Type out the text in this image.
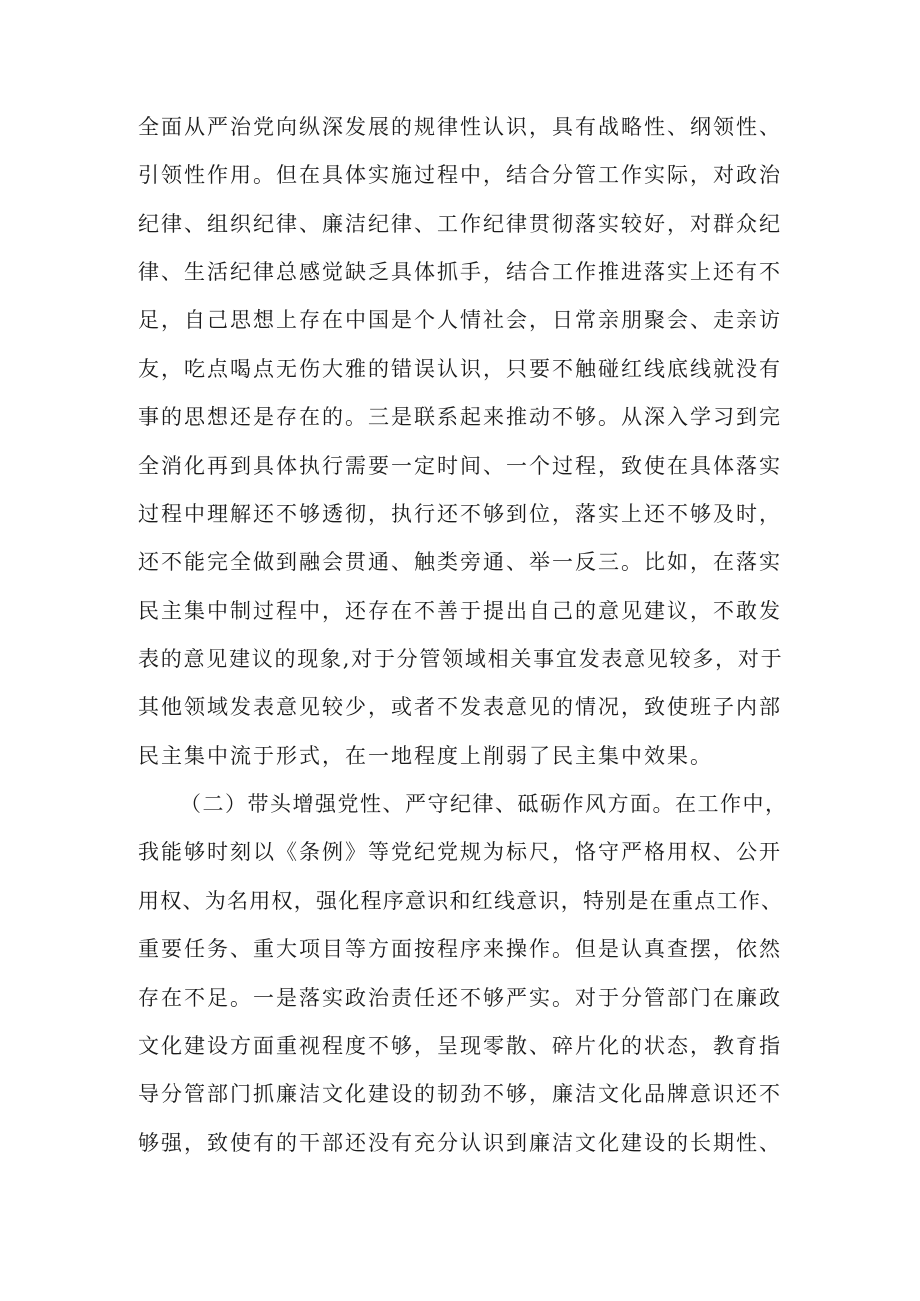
全面从严治党向纵深发展的规律性认识，具有战略性、纲领性、
引领性作用。但在具体实施过程中，结合分管工作实际，对政治
纪律、组织纪律、廉洁纪律、工作纪律贯彻落实较好，对群众纪
律、生活纪律总感觉缺乏具体抓手，结合工作推进落实上还有不
足，自己思想上存在中国是个人情社会，日常亲朋聚会、走亲访
友，吃点喝点无伤大雅的错误认识，只要不触碰红线底线就没有
事的思想还是存在的。三是联系起来推动不够。从深入学习到完
全消化再到具体执行需要一定时间、一个过程，致使在具体落实
过程中理解还不够透彻，执行还不够到位，落实上还不够及时，
还不能完全做到融会贯通、触类旁通、举一反三。比如，在落实
民主集中制过程中，还存在不善于提出自己的意见建议，不敢发
表的意见建议的现象,对于分管领域相关事宜发表意见较多，对于
其他领域发表意见较少，或者不发表意见的情况，致使班子内部
民主集中流于形式，在一地程度上削弱了民主集中效果。
（二）带头增强党性、严守纪律、砥砺作风方面。在工作中，
我能够时刻以《条例》等党纪党规为标尺，恪守严格用权、公开
用权、为名用权，强化程序意识和红线意识，特别是在重点工作、
重要任务、重大项目等方面按程序来操作。但是认真查摆，依然
存在不足。一是落实政治责任还不够严实。对于分管部门在廉政
文化建设方面重视程度不够，呈现零散、碎片化的状态，教育指
导分管部门抓廉洁文化建设的韧劲不够，廉洁文化品牌意识还不
够强，致使有的干部还没有充分认识到廉洁文化建设的长期性、
